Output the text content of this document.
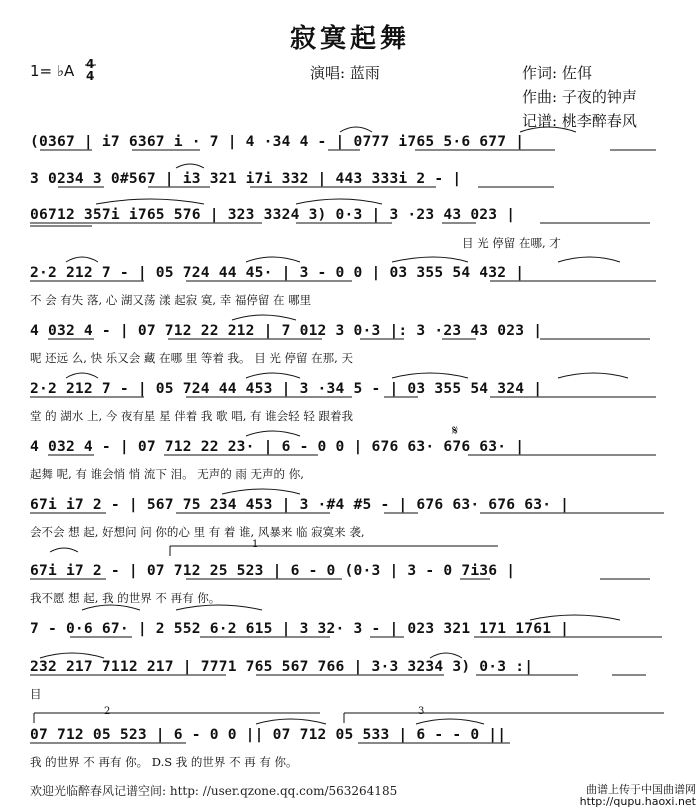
寂寞起舞
1= ♭A 4
4	演唱: 蓝雨	作词: 佐佴
作曲: 子夜的钟声
记谱: 桃李醉春风
(0367 | i7 6367 i · 7 | 4 ·34 4 - | 0777 i765 5·6 677 |
3 0234 3 0#567 | i3 321 i7i 332 | 443 333i 2 - |
06712 357i i765 576 | 323 3324 3) 0·3 | 3 ·23 43 023 |
目 光 停留 在哪, 才
2·2 212 7 - | 05 724 44 45· | 3 - 0 0 | 03 355 54 432 |
不 会 有失 落, 心 湖又荡 漾 起寂 寞, 幸 福停留 在 哪里
4 032 4 - | 07 712 22 212 | 7 012 3 0·3 |: 3 ·23 43 023 |
呢 还远 么, 快 乐又会 藏 在哪 里 等着 我。 目 光 停留 在那, 天
2·2 212 7 - | 05 724 44 453 | 3 ·34 5 - | 03 355 54 324 |
堂 的 湖水 上, 今 夜有星 星 伴着 我 歌 唱, 有 谁会轻 轻 跟着我
4 032 4 - | 07 712 22 23· | 6 - 0 0 | 676 63· 676 63· |
起舞 呢, 有 谁会悄 悄 流下 泪。 无声的 雨 无声的 你,
𝄋
67i i7 2 - | 567 75 234 453 | 3 ·#4 #5 - | 676 63· 676 63· |
会不会 想 起, 好想问 问 你的心 里 有 着 谁, 风暴来 临 寂寞来 袭,
1
67i i7 2 - | 07 712 25 523 | 6 - 0 (0·3 | 3 - 0 7i36 |
我不愿 想 起, 我 的世界 不 再有 你。
7 - 0·6 67· | 2 552 6·2 615 | 3 32· 3 - | 023 321 171 1761 |
232 217 7112 217 | 7771 765 567 766 | 3·3 3234 3) 0·3 :|
目
2	3
07 712 05 523 | 6 - 0 0 || 07 712 05 533 | 6 - - 0 ||
我 的世界 不 再有 你。 D.S 我 的世界 不 再 有 你。
欢迎光临醉春风记谱空间: http: //user.qzone.qq.com/563264185	曲谱上传于中国曲谱网
http://qupu.haoxi.net
